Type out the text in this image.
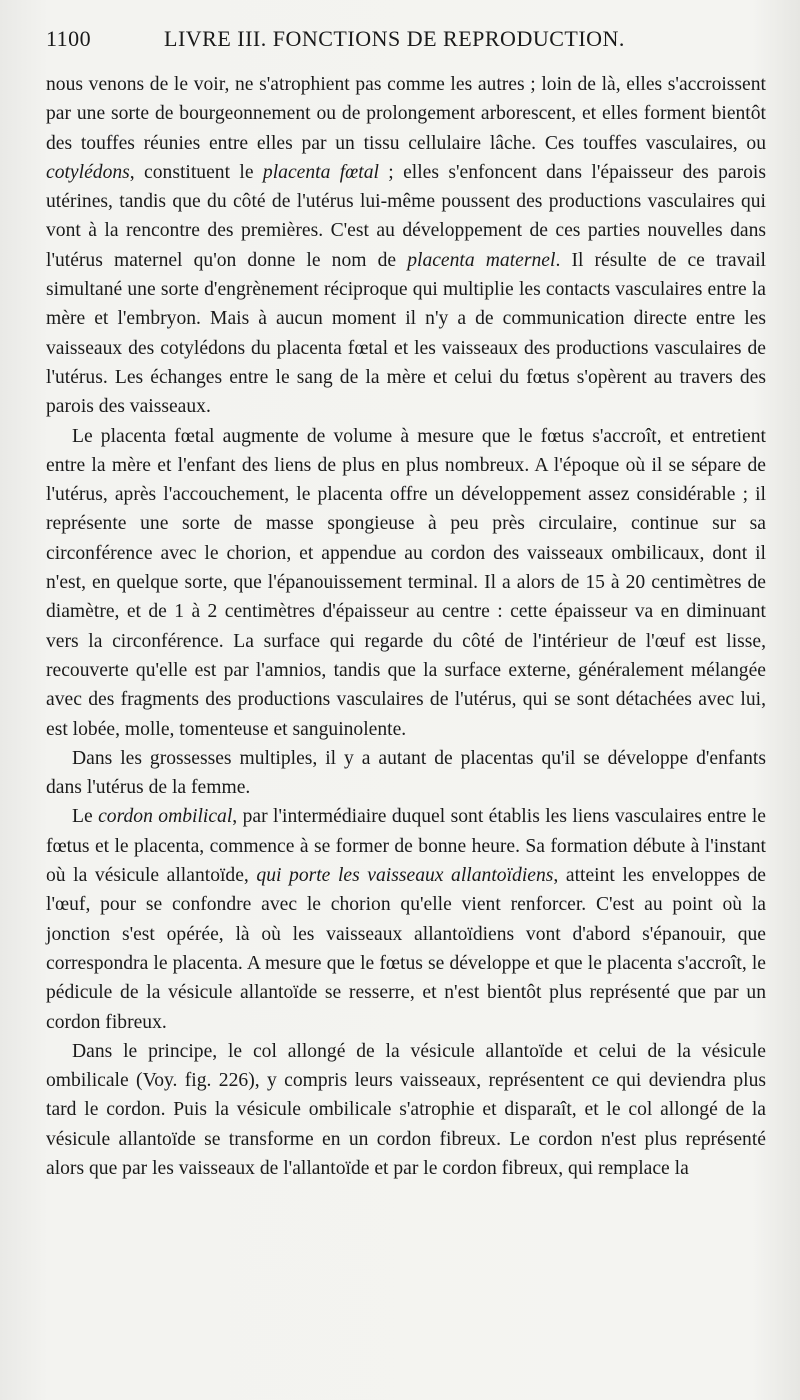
1100	LIVRE III. FONCTIONS DE REPRODUCTION.

nous venons de le voir, ne s'atrophient pas comme les autres ; loin de là, elles s'accroissent par une sorte de bourgeonnement ou de prolongement arborescent, et elles forment bientôt des touffes réunies entre elles par un tissu cellulaire lâche. Ces touffes vasculaires, ou cotylédons, constituent le placenta fœtal ; elles s'enfoncent dans l'épaisseur des parois utérines, tandis que du côté de l'utérus lui-même poussent des productions vasculaires qui vont à la rencontre des premières. C'est au développement de ces parties nouvelles dans l'utérus maternel qu'on donne le nom de placenta maternel. Il résulte de ce travail simultané une sorte d'engrènement réciproque qui multiplie les contacts vasculaires entre la mère et l'embryon. Mais à aucun moment il n'y a de communication directe entre les vaisseaux des cotylédons du placenta fœtal et les vaisseaux des productions vasculaires de l'utérus. Les échanges entre le sang de la mère et celui du fœtus s'opèrent au travers des parois des vaisseaux.

Le placenta fœtal augmente de volume à mesure que le fœtus s'accroît, et entretient entre la mère et l'enfant des liens de plus en plus nombreux. A l'époque où il se sépare de l'utérus, après l'accouchement, le placenta offre un développement assez considérable ; il représente une sorte de masse spongieuse à peu près circulaire, continue sur sa circonférence avec le chorion, et appendue au cordon des vaisseaux ombilicaux, dont il n'est, en quelque sorte, que l'épanouissement terminal. Il a alors de 15 à 20 centimètres de diamètre, et de 1 à 2 centimètres d'épaisseur au centre : cette épaisseur va en diminuant vers la circonférence. La surface qui regarde du côté de l'intérieur de l'œuf est lisse, recouverte qu'elle est par l'amnios, tandis que la surface externe, généralement mélangée avec des fragments des productions vasculaires de l'utérus, qui se sont détachées avec lui, est lobée, molle, tomenteuse et sanguinolente.

Dans les grossesses multiples, il y a autant de placentas qu'il se développe d'enfants dans l'utérus de la femme.

Le cordon ombilical, par l'intermédiaire duquel sont établis les liens vasculaires entre le fœtus et le placenta, commence à se former de bonne heure. Sa formation débute à l'instant où la vésicule allantoïde, qui porte les vaisseaux allantoïdiens, atteint les enveloppes de l'œuf, pour se confondre avec le chorion qu'elle vient renforcer. C'est au point où la jonction s'est opérée, là où les vaisseaux allantoïdiens vont d'abord s'épanouir, que correspondra le placenta. A mesure que le fœtus se développe et que le placenta s'accroît, le pédicule de la vésicule allantoïde se resserre, et n'est bientôt plus représenté que par un cordon fibreux.

Dans le principe, le col allongé de la vésicule allantoïde et celui de la vésicule ombilicale (Voy. fig. 226), y compris leurs vaisseaux, représentent ce qui deviendra plus tard le cordon. Puis la vésicule ombilicale s'atrophie et disparaît, et le col allongé de la vésicule allantoïde se transforme en un cordon fibreux. Le cordon n'est plus représenté alors que par les vaisseaux de l'allantoïde et par le cordon fibreux, qui remplace la
